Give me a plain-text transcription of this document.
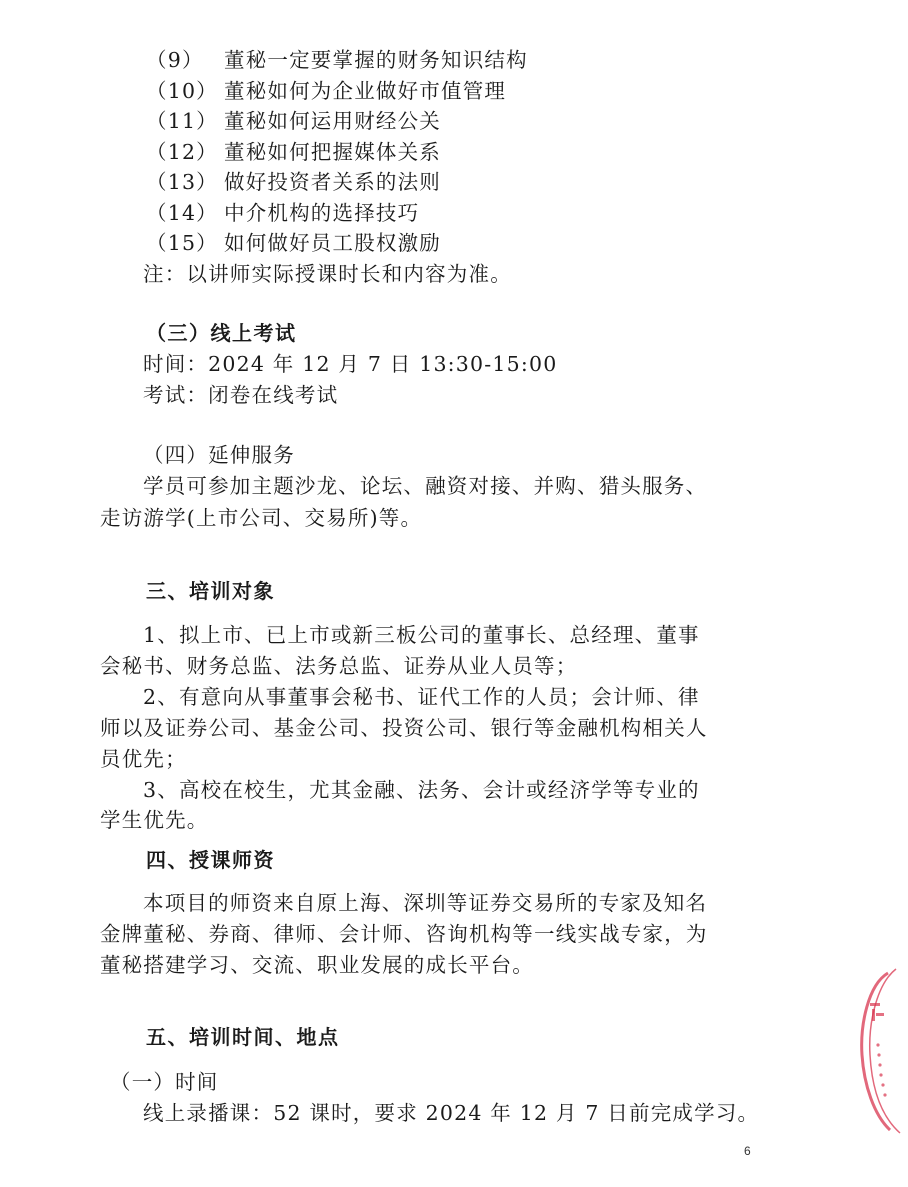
（9） 董秘一定要掌握的财务知识结构
（10） 董秘如何为企业做好市值管理
（11） 董秘如何运用财经公关
（12） 董秘如何把握媒体关系
（13） 做好投资者关系的法则
（14） 中介机构的选择技巧
（15） 如何做好员工股权激励
注：以讲师实际授课时长和内容为准。
（三）线上考试
时间：2024 年 12 月 7 日 13:30-15:00
考试：闭卷在线考试
（四）延伸服务
学员可参加主题沙龙、论坛、融资对接、并购、猎头服务、
走访游学(上市公司、交易所)等。
三、培训对象
1、拟上市、已上市或新三板公司的董事长、总经理、董事
会秘书、财务总监、法务总监、证券从业人员等；
2、有意向从事董事会秘书、证代工作的人员；会计师、律
师以及证券公司、基金公司、投资公司、银行等金融机构相关人
员优先；
3、高校在校生，尤其金融、法务、会计或经济学等专业的
学生优先。
四、授课师资
本项目的师资来自原上海、深圳等证券交易所的专家及知名
金牌董秘、券商、律师、会计师、咨询机构等一线实战专家，为
董秘搭建学习、交流、职业发展的成长平台。
五、培训时间、地点
（一）时间
线上录播课：52 课时，要求 2024 年 12 月 7 日前完成学习。
6
